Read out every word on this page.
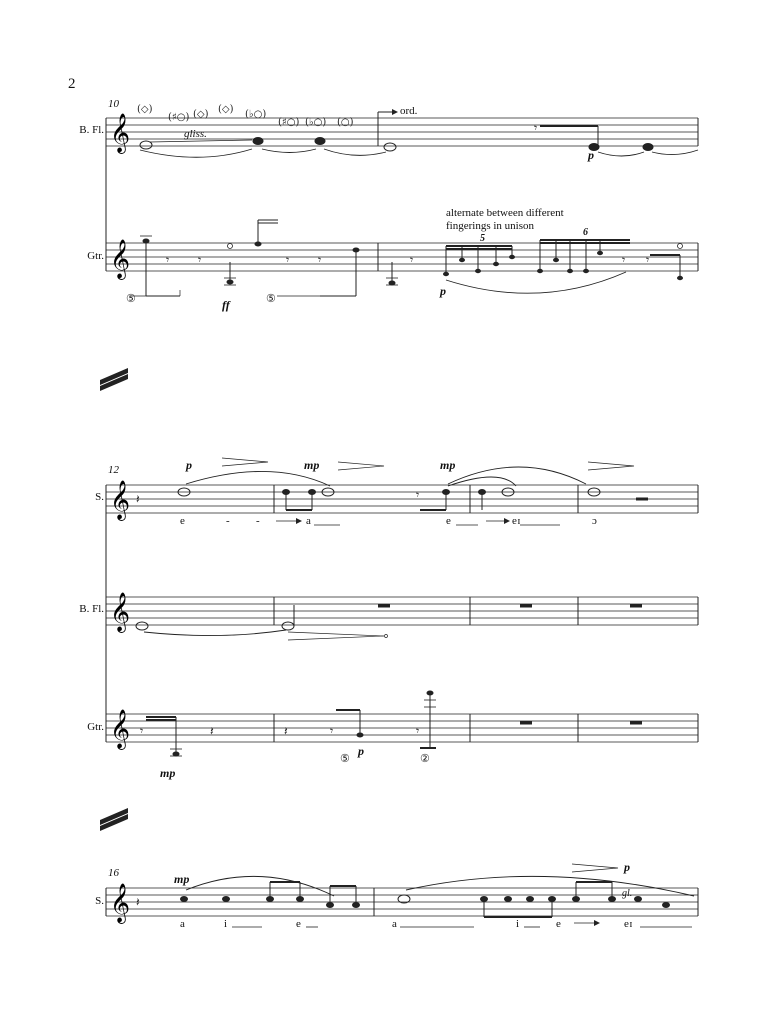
2
𝄞
(◇)
(♯○) (◇) (◇) (♭○)
(♯○) (♭○) (○)	𝄾
𝄞	𝄾 𝄾	𝄾 𝄾	𝄾	𝄾 𝄾
𝄞 𝄽	𝄾
𝄞
𝄞 𝄾	𝄽	𝄽	𝄾	𝄾
𝄞 𝄽
10
B. Fl.
Gtr.
gliss.
ord.
p
alternate between different
fingerings in unison
5
6
⑤	⑤
ff
p
12
S.
B. Fl.
Gtr.
p	mp	mp
e	- -	a	e	eɪ	ɔ
mp
p
⑤	②
16
S.
mp
p
gl.
a	i	e	a	i	e	eɪ
